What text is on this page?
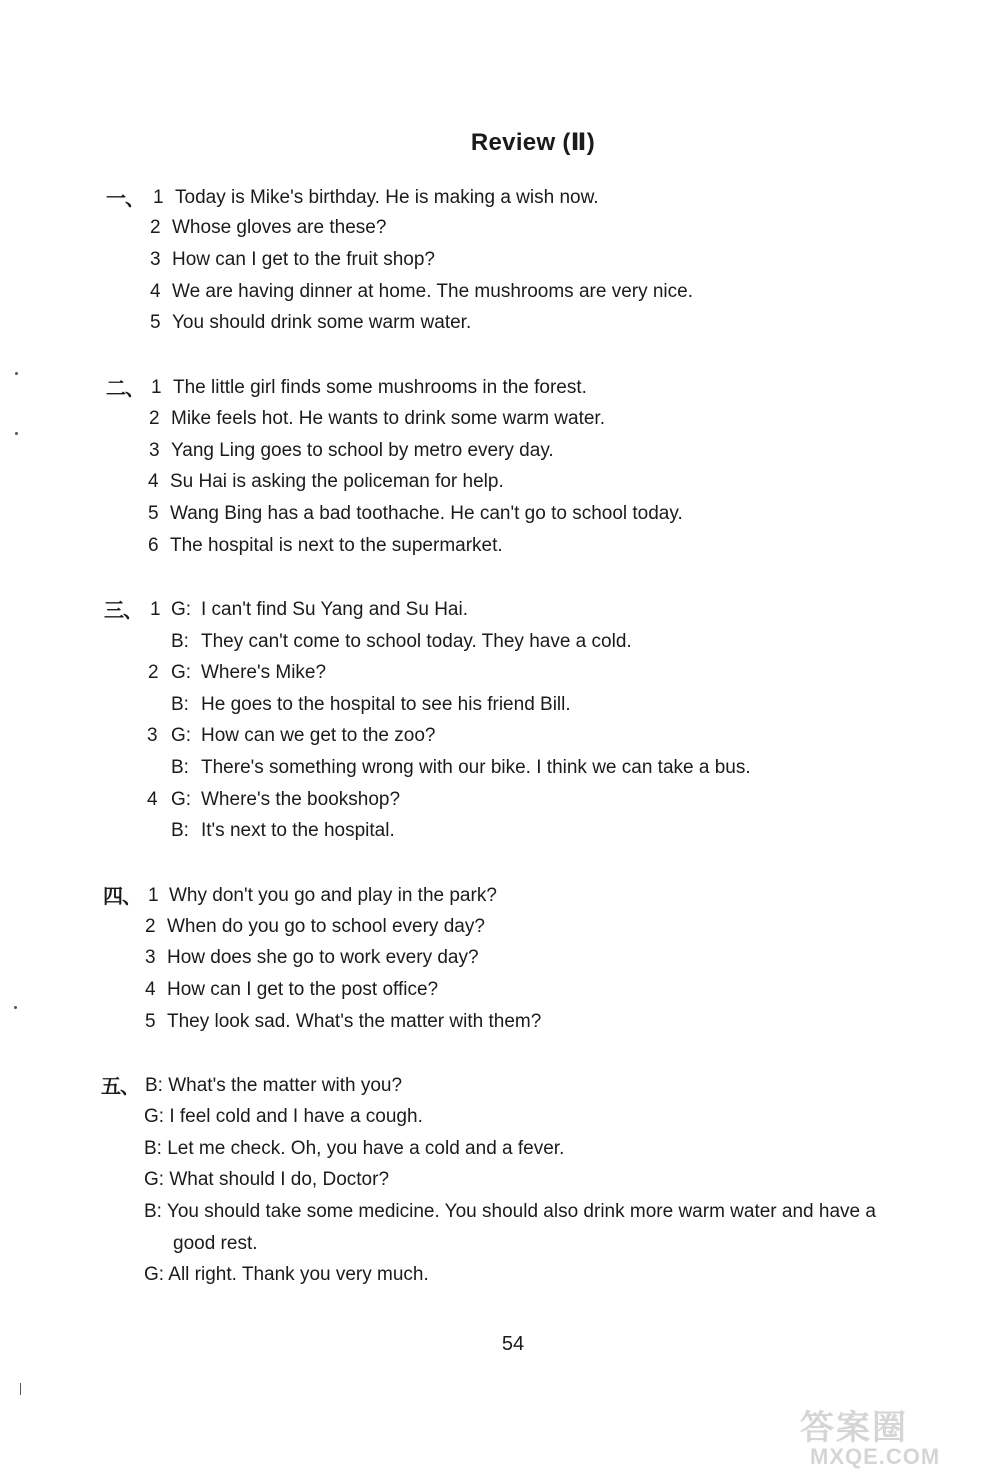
Review (Ⅱ)
一、 1 Today is Mike's birthday. He is making a wish now.
2 Whose gloves are these?
3 How can I get to the fruit shop?
4 We are having dinner at home. The mushrooms are very nice.
5 You should drink some warm water.
二、 1 The little girl finds some mushrooms in the forest.
2 Mike feels hot. He wants to drink some warm water.
3 Yang Ling goes to school by metro every day.
4 Su Hai is asking the policeman for help.
5 Wang Bing has a bad toothache. He can't go to school today.
6 The hospital is next to the supermarket.
三、 1 G: I can't find Su Yang and Su Hai.
B: They can't come to school today. They have a cold.
2 G: Where's Mike?
B: He goes to the hospital to see his friend Bill.
3 G: How can we get to the zoo?
B: There's something wrong with our bike. I think we can take a bus.
4 G: Where's the bookshop?
B: It's next to the hospital.
四、 1 Why don't you go and play in the park?
2 When do you go to school every day?
3 How does she go to work every day?
4 How can I get to the post office?
5 They look sad. What's the matter with them?
五、 B: What's the matter with you?
G: I feel cold and I have a cough.
B: Let me check. Oh, you have a cold and a fever.
G: What should I do, Doctor?
B: You should take some medicine. You should also drink more warm water and have a
good rest.
G: All right. Thank you very much.
54
答案圈
MXQE.COM
